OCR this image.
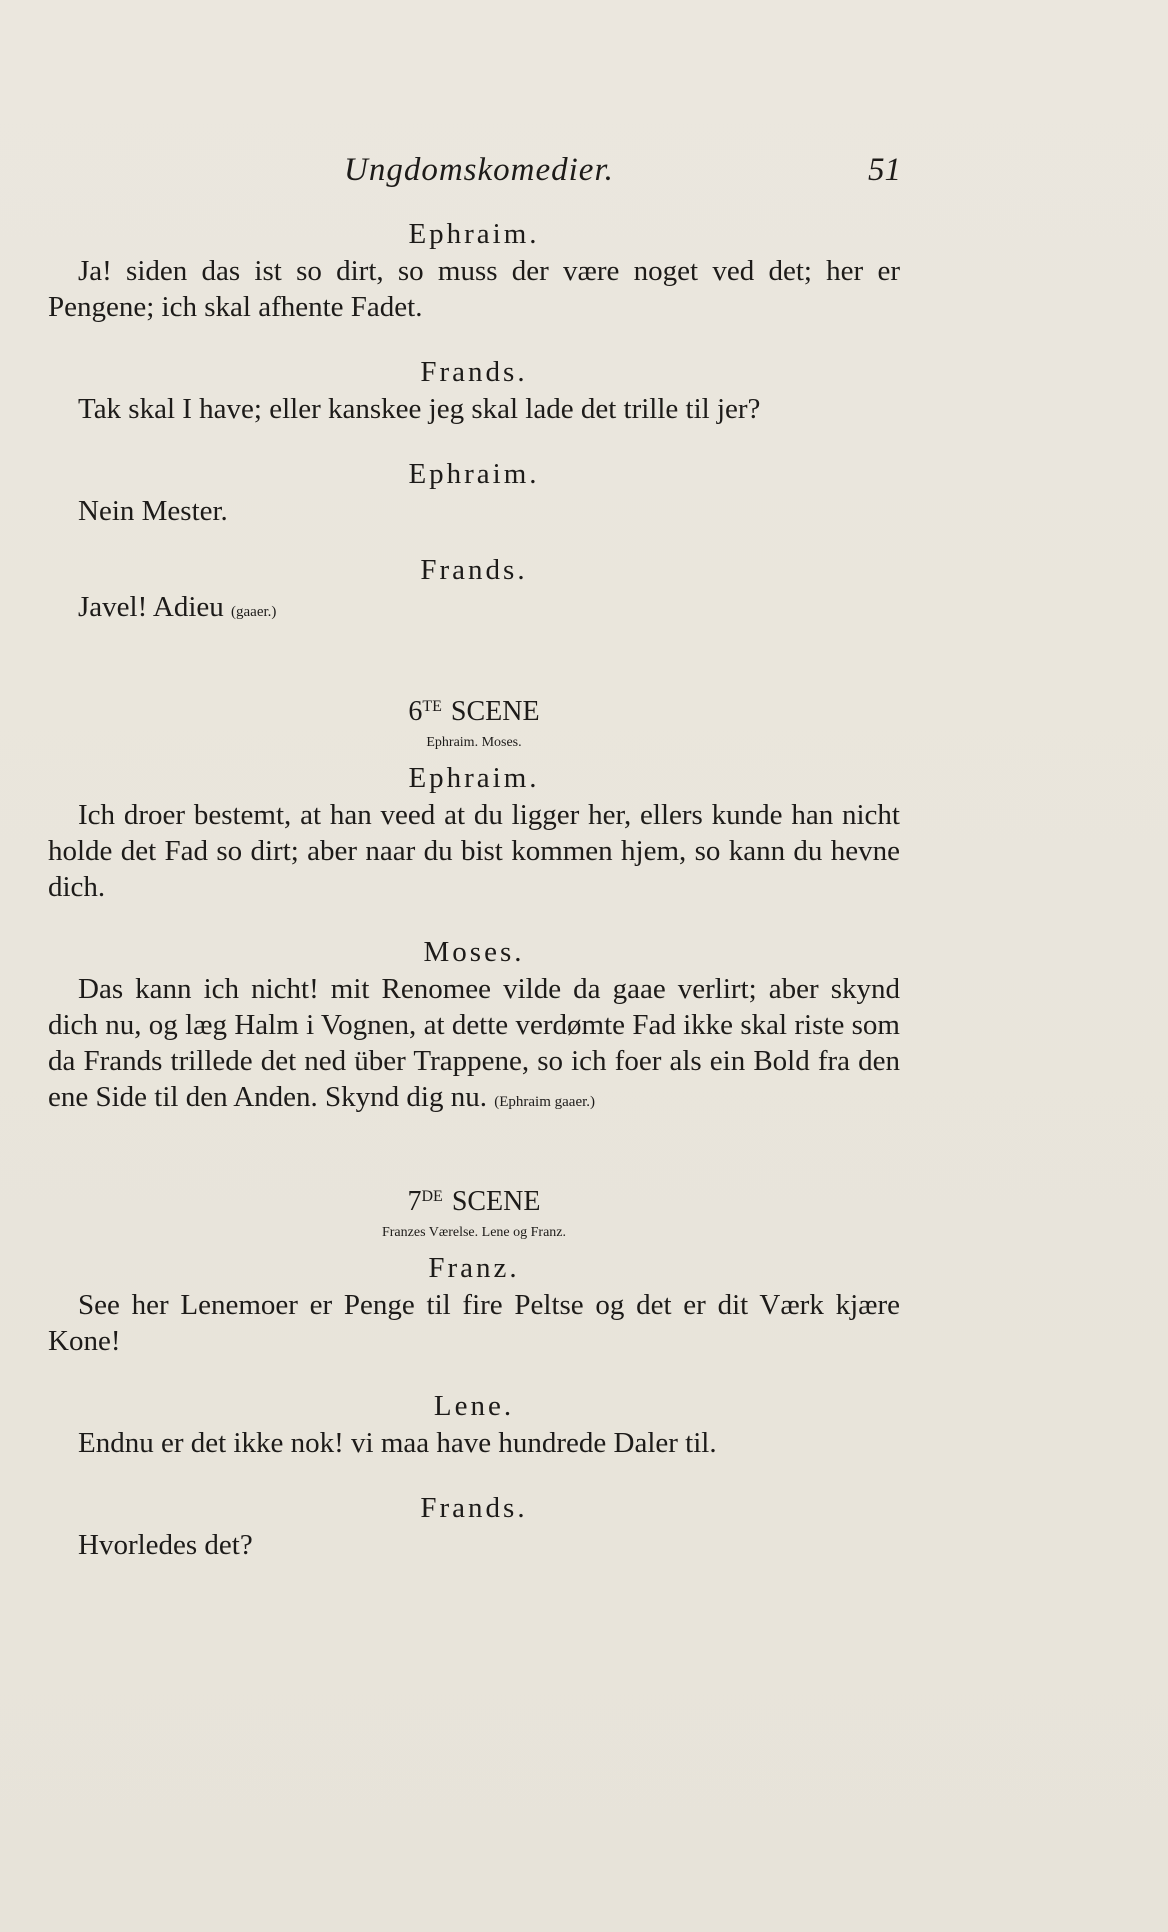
Ungdomskomedier.	51

Ephraim.

Ja! siden das ist so dirt, so muss der være noget ved det; her er Pengene; ich skal afhente Fadet.

Frands.

Tak skal I have; eller kanskee jeg skal lade det trille til jer?

Ephraim.

Nein Mester.

Frands.

Javel! Adieu (gaaer.)

$6^{TE}$ SCENE

Ephraim. Moses.

Ephraim.

Ich droer bestemt, at han veed at du ligger her, ellers kunde han nicht holde det Fad so dirt; aber naar du bist kommen hjem, so kann du hevne dich.

Moses.

Das kann ich nicht! mit Renomee vilde da gaae verlirt; aber skynd dich nu, og læg Halm i Vognen, at dette verdømte Fad ikke skal riste som da Frands trillede det ned über Trappene, so ich foer als ein Bold fra den ene Side til den Anden. Skynd dig nu. (Ephraim gaaer.)

7DE SCENE

Franzes Værelse. Lene og Franz.

Franz.

See her Lenemoer er Penge til fire Peltse og det er dit Værk kjære Kone!

Lene.

Endnu er det ikke nok! vi maa have hundrede Daler til.

Frands.

Hvorledes det?
